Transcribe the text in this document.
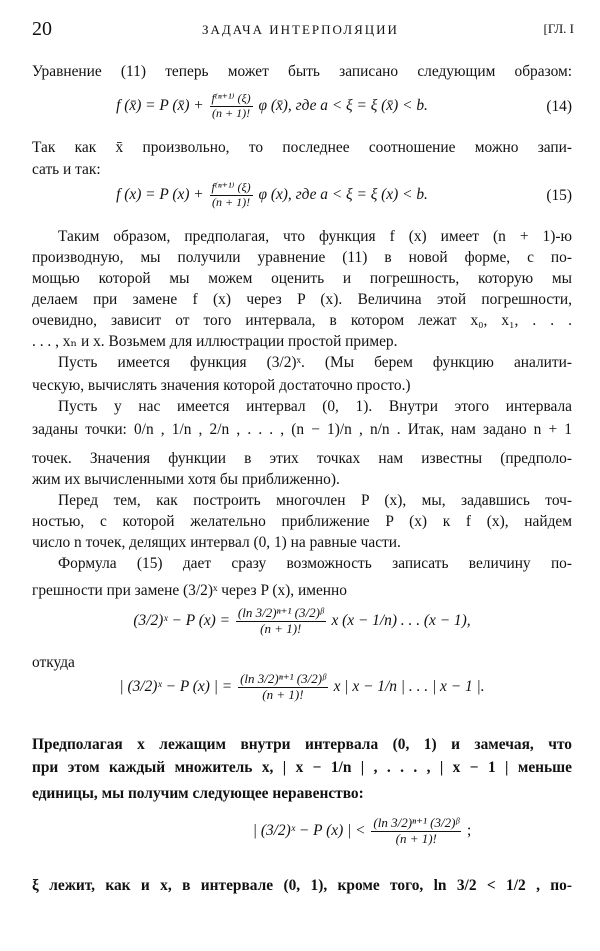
20	ЗАДАЧА ИНТЕРПОЛЯЦИИ	[ГЛ. I
Уравнение (11) теперь может быть записано следующим образом:
f (x̄) = P (x̄) + $\frac{\text{f⁽ⁿ⁺¹⁾ (ξ)}}{(n + 1)!}$ φ (x̄), где a < ξ = ξ (x̄) < b.	(14)
Так как x̄ произвольно, то последнее соотношение можно запи-
сать и так:
f (x) = P $(x) + \frac{\text{f⁽ⁿ⁺¹⁾ (ξ)}}{(n + 1)!}$ φ (x), где a < ξ = ξ (x) < b.	(15)
Таким образом, предполагая, что функция f (x) имеет (n + 1)-ю
производную, мы получили уравнение (11) в новой форме, с по-
мощью которой мы можем оценить и погрешность, которую мы
делаем при замене f (x) через P (x). Величина этой погрешности,
очевидно, зависит от того интервала, в котором лежат x₀, x₁, . . .
. . . , xₙ и x. Возьмем для иллюстрации простой пример.
Пусть имеется функция (3/2)ˣ. (Мы берем функцию аналити-
ческую, вычислять значения которой достаточно просто.)
Пусть у нас имеется интервал (0, 1). Внутри этого интервала
заданы точки: 0/n , 1/n , 2/n , . . . , (n − 1)/n , n/n . Итак, нам задано n + 1
точек. Значения функции в этих точках нам известны (предполо-
жим их вычисленными хотя бы приближенно).
Перед тем, как построить многочлен P (x), мы, задавшись точ-
ностью, с которой желательно приближение P (x) к f (x), найдем
число n точек, делящих интервал (0, 1) на равные части.
Формула (15) дает сразу возможность записать величину по-
грешности при замене (3/2)ˣ через P (x), именно
(3/2)ˣ − P $(x) = \frac{\text{(ln 3/2)ⁿ⁺¹ (3/2)ᵝ}}{(n + 1)!}$ x (x − 1/n) . . . (x − 1),
откуда
| (3/2)ˣ − P (x) | = $\frac{\text{(ln 3/2)ⁿ⁺¹ (3/2)ᵝ}}{(n + 1)!}$ x | x − 1/n | . . . | x − 1 |.
Предполагая x лежащим внутри интервала (0, 1) и замечая, что
при этом каждый множитель x, | x − 1/n | , . . . , | x − 1 | меньше
единицы, мы получим следующее неравенство:
| (3/2)ˣ − P (x) | < $\frac{\text{(ln 3/2)ⁿ⁺¹ (3/2)ᵝ}}{(n + 1)!}$ ;
ξ лежит, как и x, в интервале (0, 1), кроме того, ln 3/2 < 1/2 , по-
